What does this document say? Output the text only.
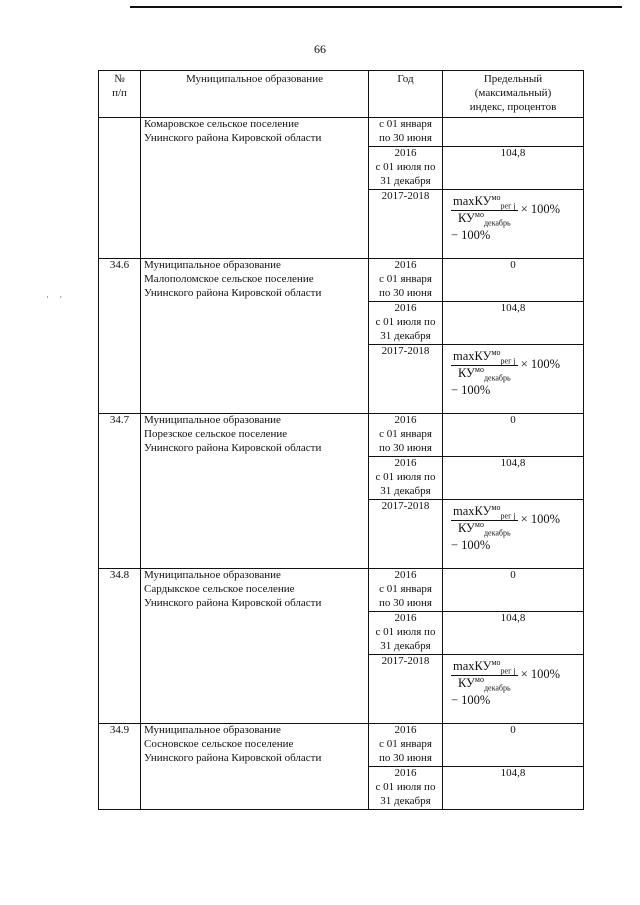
66
· ·
№
п/п	Муниципальное образование	Год	Предельный
(максимальный)
индекс, процентов
	Комаровское сельское поселение
Унинского района Кировской области	с 01 января
по 30 июня	
		2016
с 01 июля по
31 декабря	104,8
		2017-2018	$\frac{\max КУ^{мо}_{рег j}}{КУ^{мо}_{декабрь}} \times 100\%$
− 100%

34.6	Муниципальное образование
Малополомское сельское поселение
Унинского района Кировской области	2016
с 01 января
по 30 июня	0
		2016
с 01 июля по
31 декабря	104,8
		2017-2018	$\frac{\max КУ^{мо}_{рег j}}{КУ^{мо}_{декабрь}} \times 100\%$
− 100%

34.7	Муниципальное образование
Порезское сельское поселение
Унинского района Кировской области	2016
с 01 января
по 30 июня	0
		2016
с 01 июля по
31 декабря	104,8
		2017-2018	$\frac{\max КУ^{мо}_{рег j}}{КУ^{мо}_{декабрь}} \times 100\%$
− 100%

34.8	Муниципальное образование
Сардыкское сельское поселение
Унинского района Кировской области	2016
с 01 января
по 30 июня	0
		2016
с 01 июля по
31 декабря	104,8
		2017-2018	$\frac{\max КУ^{мо}_{рег j}}{КУ^{мо}_{декабрь}} \times 100\%$
− 100%

34.9	Муниципальное образование
Сосновское сельское поселение
Унинского района Кировской области	2016
с 01 января
по 30 июня	0
		2016
с 01 июля по
31 декабря	104,8
